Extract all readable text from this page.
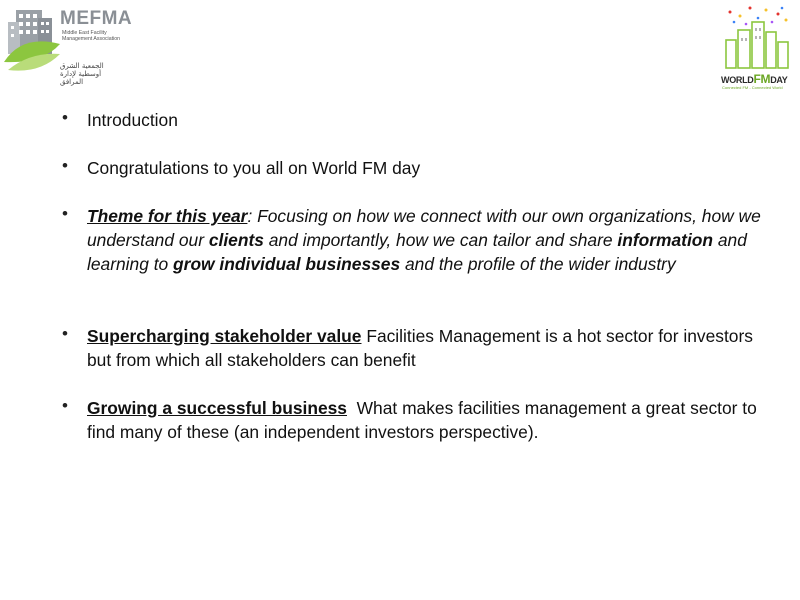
MEFMA
Middle East Facility Management Association
الجمعية الشرق أوسطية لإدارة المرافق	WORLDFMDAY
Connected FM - Connected World
• Introduction
• Congratulations to you all on World FM day
• Theme for this year: Focusing on how we connect with our own organizations, how we understand our clients and importantly, how we can tailor and share information and learning to grow individual businesses and the profile of the wider industry
• Supercharging stakeholder value Facilities Management is a hot sector for investors but from which all stakeholders can benefit
• Growing a successful business  What makes facilities management a great sector to find many of these (an independent investors perspective).
